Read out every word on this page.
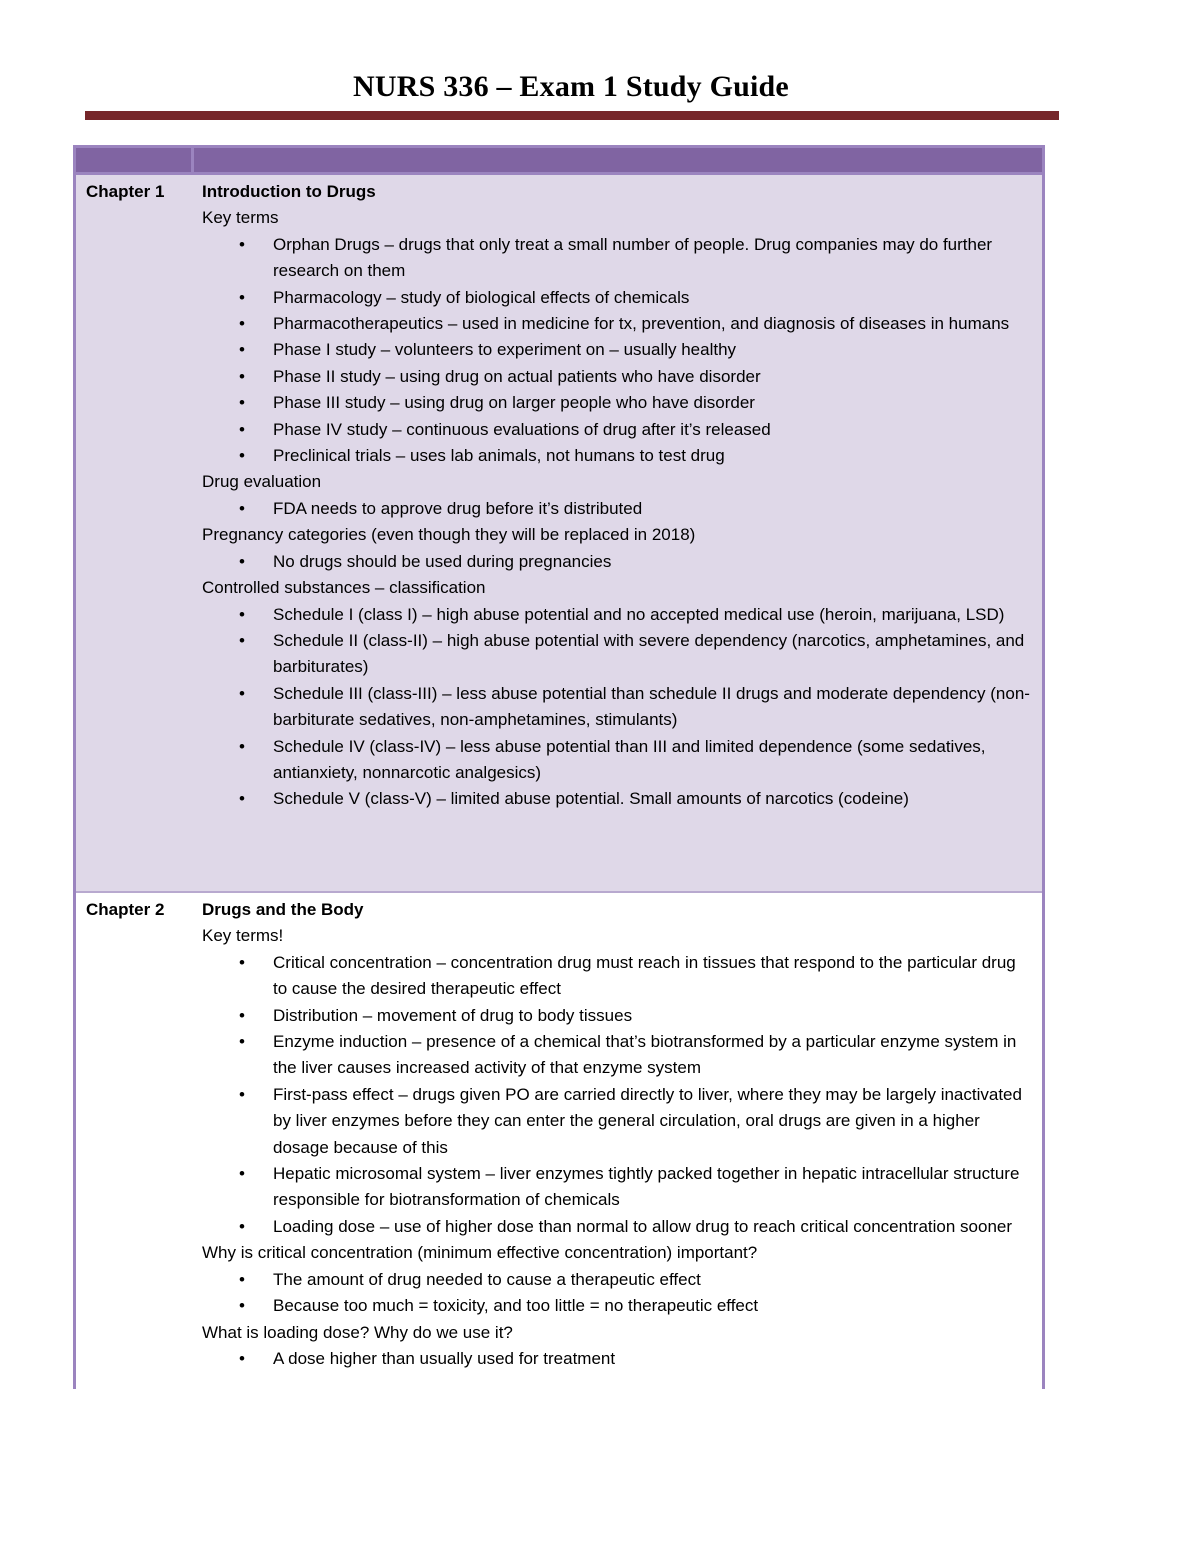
NURS 336 – Exam 1 Study Guide
Chapter 1 Introduction to Drugs
Key terms
• Orphan Drugs – drugs that only treat a small number of people. Drug companies may do further research on them
• Pharmacology – study of biological effects of chemicals
• Pharmacotherapeutics – used in medicine for tx, prevention, and diagnosis of diseases in humans
• Phase I study – volunteers to experiment on – usually healthy
• Phase II study – using drug on actual patients who have disorder
• Phase III study – using drug on larger people who have disorder
• Phase IV study – continuous evaluations of drug after it’s released
• Preclinical trials – uses lab animals, not humans to test drug
Drug evaluation
• FDA needs to approve drug before it’s distributed
Pregnancy categories (even though they will be replaced in 2018)
• No drugs should be used during pregnancies
Controlled substances – classification
• Schedule I (class I) – high abuse potential and no accepted medical use (heroin, marijuana, LSD)
• Schedule II (class-II) – high abuse potential with severe dependency (narcotics, amphetamines, and barbiturates)
• Schedule III (class-III) – less abuse potential than schedule II drugs and moderate dependency (non-barbiturate sedatives, non-amphetamines, stimulants)
• Schedule IV (class-IV) – less abuse potential than III and limited dependence (some sedatives, antianxiety, nonnarcotic analgesics)
• Schedule V (class-V) – limited abuse potential. Small amounts of narcotics (codeine)
Chapter 2 Drugs and the Body
Key terms!
• Critical concentration – concentration drug must reach in tissues that respond to the particular drug to cause the desired therapeutic effect
• Distribution – movement of drug to body tissues
• Enzyme induction – presence of a chemical that’s biotransformed by a particular enzyme system in the liver causes increased activity of that enzyme system
• First-pass effect – drugs given PO are carried directly to liver, where they may be largely inactivated by liver enzymes before they can enter the general circulation, oral drugs are given in a higher dosage because of this
• Hepatic microsomal system – liver enzymes tightly packed together in hepatic intracellular structure responsible for biotransformation of chemicals
• Loading dose – use of higher dose than normal to allow drug to reach critical concentration sooner
Why is critical concentration (minimum effective concentration) important?
• The amount of drug needed to cause a therapeutic effect
• Because too much = toxicity, and too little = no therapeutic effect
What is loading dose? Why do we use it?
• A dose higher than usually used for treatment
